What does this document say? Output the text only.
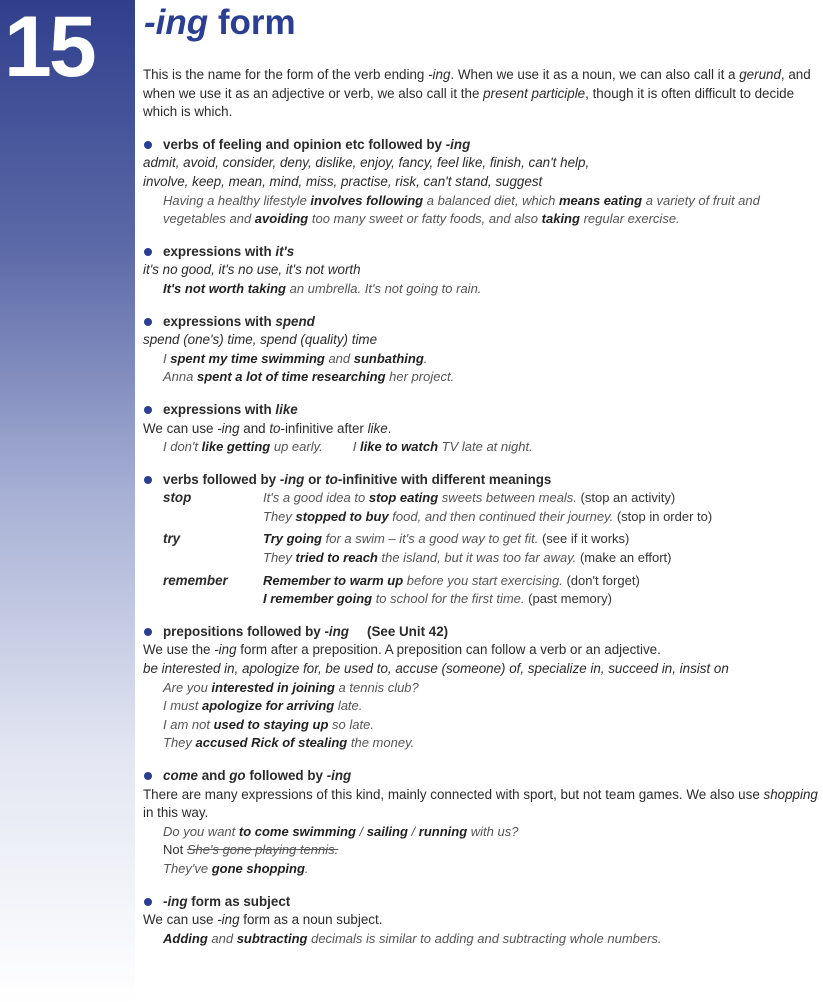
15 -ing form

This is the name for the form of the verb ending -ing. When we use it as a noun, we can also call it a gerund, and when we use it as an adjective or verb, we also call it the present participle, though it is often difficult to decide which is which.

verbs of feeling and opinion etc followed by -ing
admit, avoid, consider, deny, dislike, enjoy, fancy, feel like, finish, can't help,
involve, keep, mean, mind, miss, practise, risk, can't stand, suggest
Having a healthy lifestyle involves following a balanced diet, which means eating a variety of fruit and vegetables and avoiding too many sweet or fatty foods, and also taking regular exercise.
expressions with it's
it's no good, it's no use, it's not worth
It's not worth taking an umbrella. It's not going to rain.
expressions with spend
spend (one's) time, spend (quality) time
I spent my time swimming and sunbathing.
Anna spent a lot of time researching her project.
expressions with like
We can use -ing and to-infinitive after like.
I don't like getting up early. I like to watch TV late at night.
verbs followed by -ing or to-infinitive with different meanings
stop	It's a good idea to stop eating sweets between meals. (stop an activity)
They stopped to buy food, and then continued their journey. (stop in order to)
try	Try going for a swim – it's a good way to get fit. (see if it works)
They tried to reach the island, but it was too far away. (make an effort)
remember	Remember to warm up before you start exercising. (don't forget)
I remember going to school for the first time. (past memory)
prepositions followed by -ing (See Unit 42)
We use the -ing form after a preposition. A preposition can follow a verb or an adjective.
be interested in, apologize for, be used to, accuse (someone) of, specialize in, succeed in, insist on
Are you interested in joining a tennis club?
I must apologize for arriving late.
I am not used to staying up so late.
They accused Rick of stealing the money.
come and go followed by -ing
There are many expressions of this kind, mainly connected with sport, but not team games. We also use shopping in this way.
Do you want to come swimming / sailing / running with us?
Not She's gone playing tennis.
They've gone shopping.
-ing form as subject
We can use -ing form as a noun subject.
Adding and subtracting decimals is similar to adding and subtracting whole numbers.
